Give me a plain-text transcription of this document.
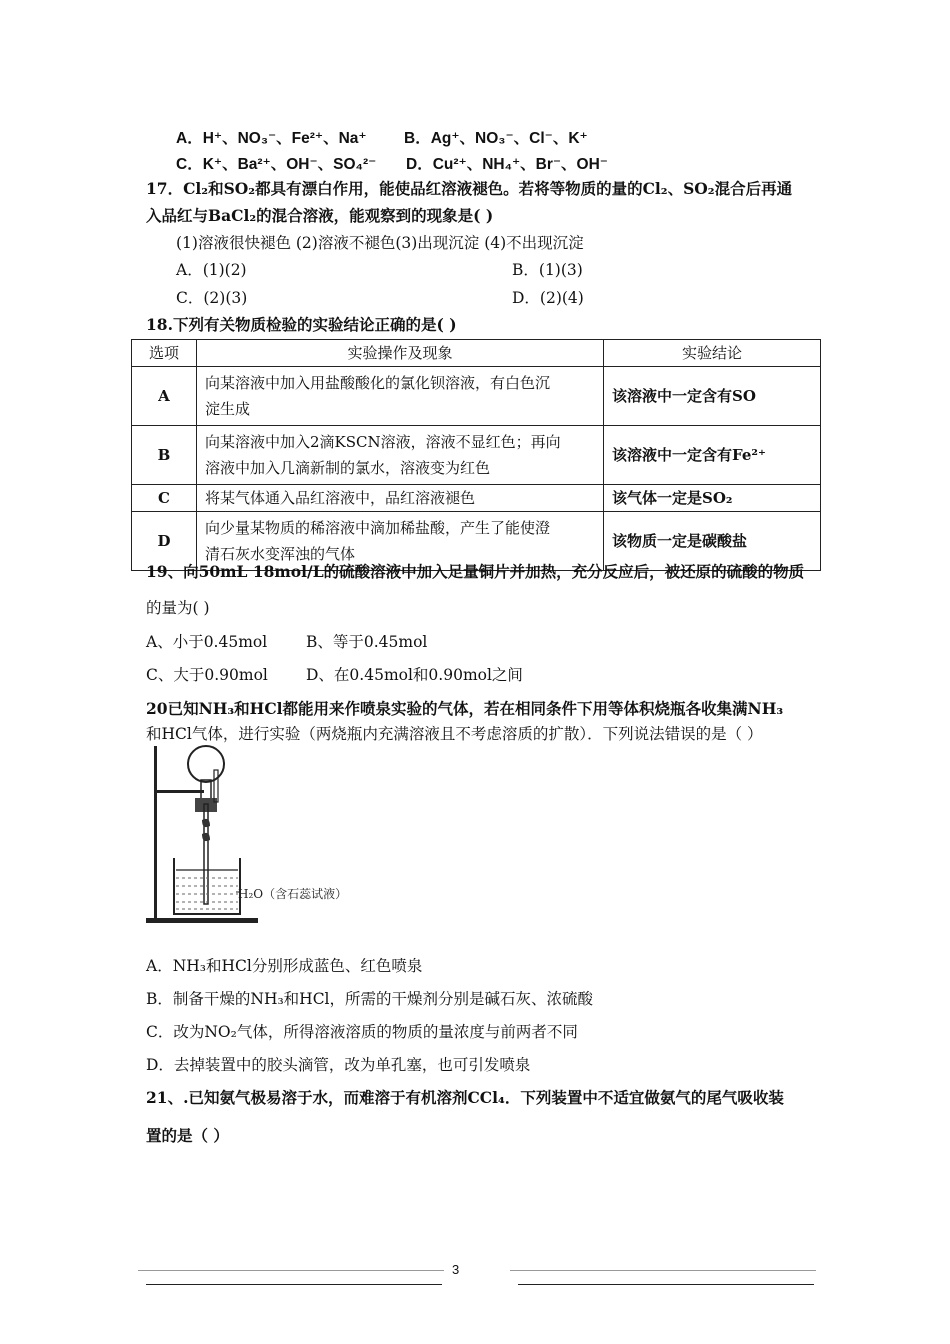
A．H⁺、NO₃⁻、Fe²⁺、Na⁺ B．Ag⁺、NO₃⁻、Cl⁻、K⁺
C．K⁺、Ba²⁺、OH⁻、SO₄²⁻ D．Cu²⁺、NH₄⁺、Br⁻、OH⁻
17．Cl₂和SO₂都具有漂白作用，能使品红溶液褪色。若将等物质的量的Cl₂、SO₂混合后再通
入品红与BaCl₂的混合溶液，能观察到的现象是( )
(1)溶液很快褪色 (2)溶液不褪色(3)出现沉淀 (4)不出现沉淀
A．(1)(2)	B．(1)(3)
C．(2)(3)	D．(2)(4)
18.下列有关物质检验的实验结论正确的是( )
选项	实验操作及现象	实验结论
A	向某溶液中加入用盐酸酸化的氯化钡溶液，有白色沉
淀生成	该溶液中一定含有SO
B	向某溶液中加入2滴KSCN溶液，溶液不显红色；再向
溶液中加入几滴新制的氯水，溶液变为红色	该溶液中一定含有Fe²⁺
C	将某气体通入品红溶液中，品红溶液褪色	该气体一定是SO₂
D	向少量某物质的稀溶液中滴加稀盐酸，产生了能使澄
清石灰水变浑浊的气体	该物质一定是碳酸盐
19、向50mL 18mol/L的硫酸溶液中加入足量铜片并加热，充分反应后，被还原的硫酸的物质
的量为( )
A、小于0.45mol	B、等于0.45mol
C、大于0.90mol D、在0.45mol和0.90mol之间
20已知NH₃和HCl都能用来作喷泉实验的气体，若在相同条件下用等体积烧瓶各收集满NH₃
和HCl气体，进行实验（两烧瓶内充满溶液且不考虑溶质的扩散）．下列说法错误的是（ ）
H₂O（含石蕊试液）
A．NH₃和HCl分别形成蓝色、红色喷泉
B．制备干燥的NH₃和HCl，所需的干燥剂分别是碱石灰、浓硫酸
C．改为NO₂气体，所得溶液溶质的物质的量浓度与前两者不同
D．去掉装置中的胶头滴管，改为单孔塞，也可引发喷泉
21、.已知氨气极易溶于水，而难溶于有机溶剂CCl₄．下列装置中不适宜做氨气的尾气吸收装
置的是（ ）
3
